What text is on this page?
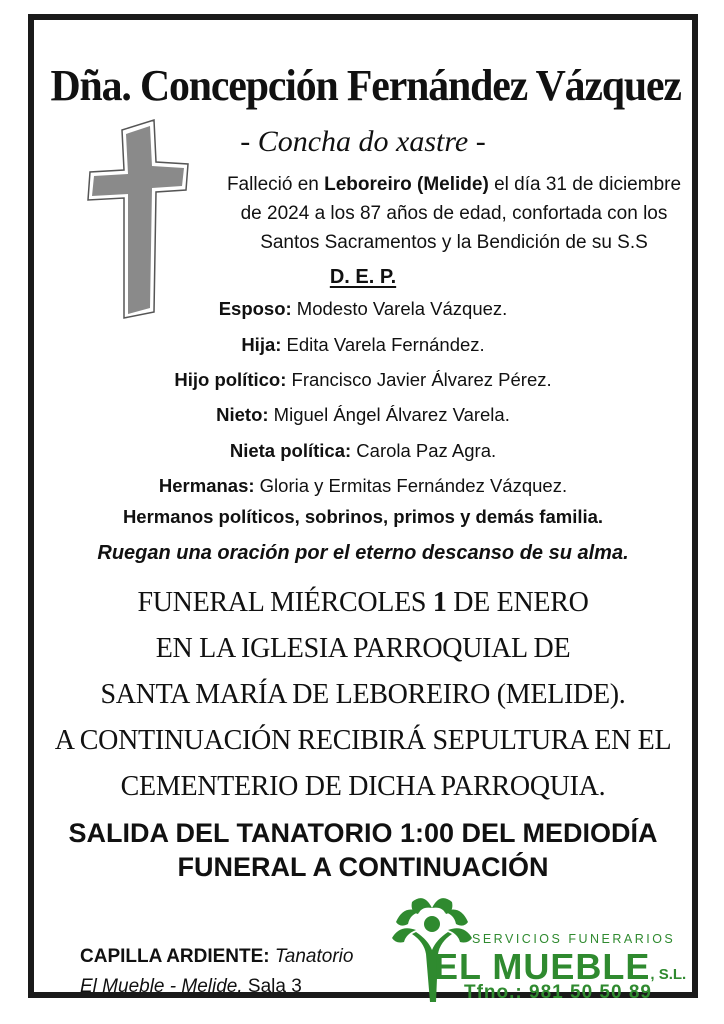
Dña. Concepción Fernández Vázquez
- Concha do xastre -
Falleció en Leboreiro (Melide) el día 31 de diciembre
de 2024 a los 87 años de edad, confortada con los
Santos Sacramentos y la Bendición de su S.S
D. E. P.
Esposo: Modesto Varela Vázquez.
Hija: Edita Varela Fernández.
Hijo político: Francisco Javier Álvarez Pérez.
Nieto: Miguel Ángel Álvarez Varela.
Nieta política: Carola Paz Agra.
Hermanas: Gloria y Ermitas Fernández Vázquez.
Hermanos políticos, sobrinos, primos y demás familia.
Ruegan una oración por el eterno descanso de su alma.
FUNERAL MIÉRCOLES 1 DE ENERO
EN LA IGLESIA PARROQUIAL DE
SANTA MARÍA DE LEBOREIRO (MELIDE).
A CONTINUACIÓN RECIBIRÁ SEPULTURA EN EL
CEMENTERIO DE DICHA PARROQUIA.
SALIDA DEL TANATORIO 1:00 DEL MEDIODÍA
FUNERAL A CONTINUACIÓN
CAPILLA ARDIENTE: Tanatorio
El Mueble - Melide. Sala 3
SERVICIOS FUNERARIOS
EL MUEBLE, S.L.
Tfno.: 981 50 50 89
